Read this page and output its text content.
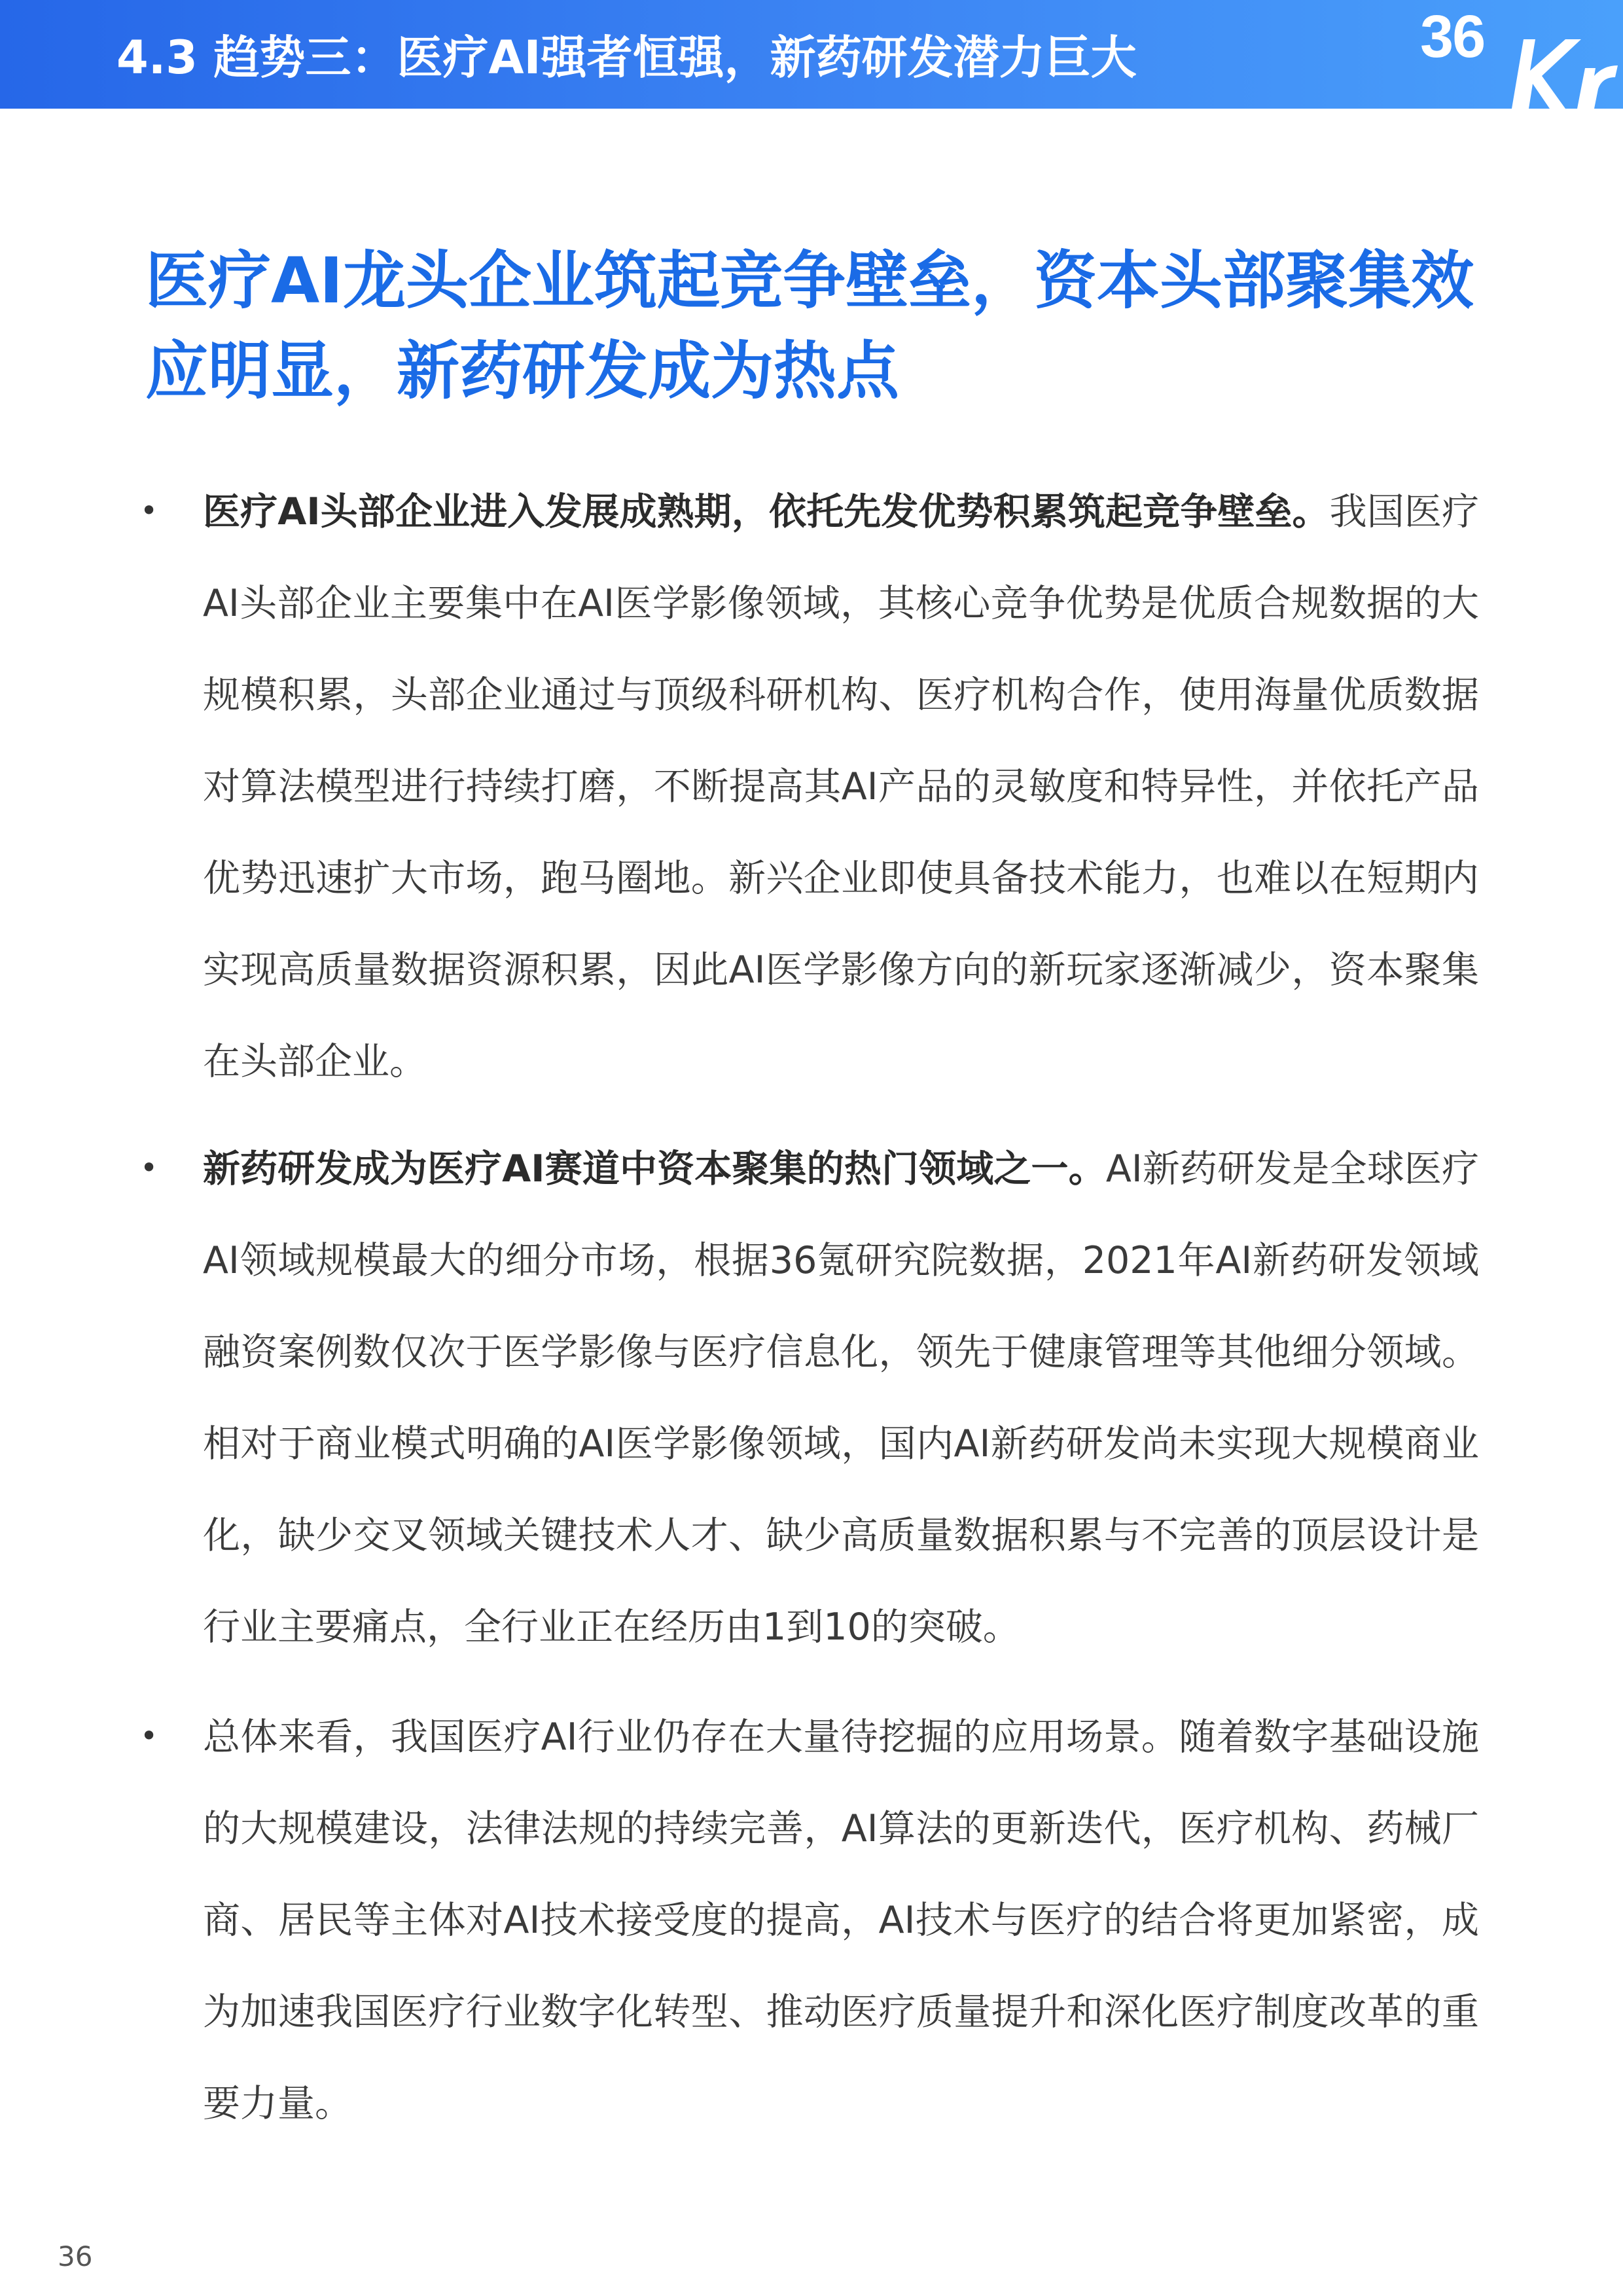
4.3 趋势三：医疗AI强者恒强，新药研发潜力巨大	36
医疗AI龙头企业筑起竞争壁垒，资本头部聚集效应明显，新药研发成为热点
• 医疗AI头部企业进入发展成熟期，依托先发优势积累筑起竞争壁垒。我国医疗AI头部企业主要集中在AI医学影像领域，其核心竞争优势是优质合规数据的大规模积累，头部企业通过与顶级科研机构、医疗机构合作，使用海量优质数据对算法模型进行持续打磨，不断提高其AI产品的灵敏度和特异性，并依托产品优势迅速扩大市场，跑马圈地。新兴企业即使具备技术能力，也难以在短期内实现高质量数据资源积累，因此AI医学影像方向的新玩家逐渐减少，资本聚集在头部企业。

• 新药研发成为医疗AI赛道中资本聚集的热门领域之一。AI新药研发是全球医疗AI领域规模最大的细分市场，根据36氪研究院数据，2021年AI新药研发领域融资案例数仅次于医学影像与医疗信息化，领先于健康管理等其他细分领域。相对于商业模式明确的AI医学影像领域，国内AI新药研发尚未实现大规模商业化，缺少交叉领域关键技术人才、缺少高质量数据积累与不完善的顶层设计是行业主要痛点，全行业正在经历由1到10的突破。

• 总体来看，我国医疗AI行业仍存在大量待挖掘的应用场景。随着数字基础设施的大规模建设，法律法规的持续完善，AI算法的更新迭代，医疗机构、药械厂商、居民等主体对AI技术接受度的提高，AI技术与医疗的结合将更加紧密，成为加速我国医疗行业数字化转型、推动医疗质量提升和深化医疗制度改革的重要力量。

36
